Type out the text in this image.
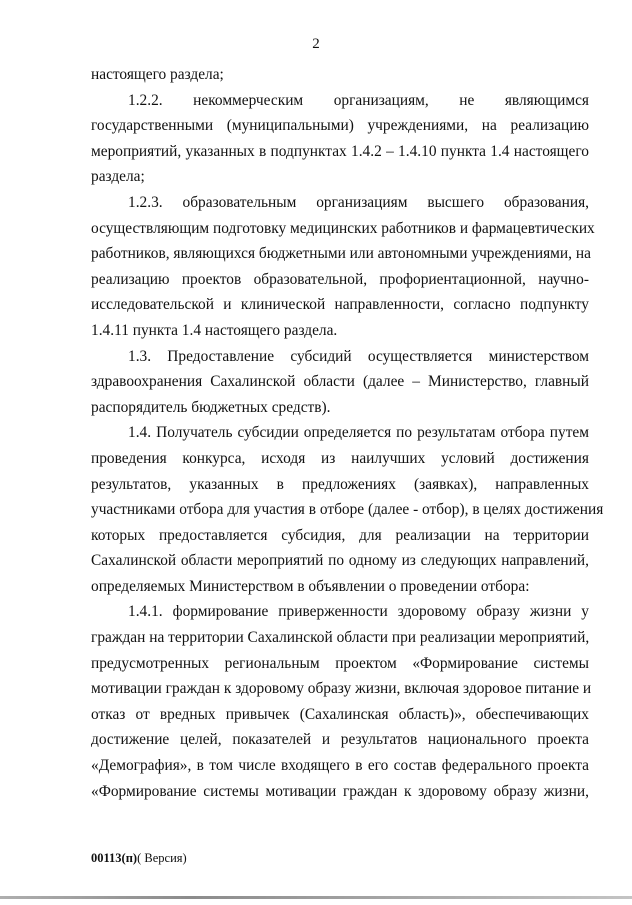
2
настоящего раздела;
1.2.2. некоммерческим организациям, не являющимся
государственными (муниципальными) учреждениями, на реализацию
мероприятий, указанных в подпунктах 1.4.2 – 1.4.10 пункта 1.4 настоящего
раздела;
1.2.3. образовательным организациям высшего образования,
осуществляющим подготовку медицинских работников и фармацевтических
работников, являющихся бюджетными или автономными учреждениями, на
реализацию проектов образовательной, профориентационной, научно-
исследовательской и клинической направленности, согласно подпункту
1.4.11 пункта 1.4 настоящего раздела.
1.3. Предоставление субсидий осуществляется министерством
здравоохранения Сахалинской области (далее – Министерство, главный
распорядитель бюджетных средств).
1.4. Получатель субсидии определяется по результатам отбора путем
проведения конкурса, исходя из наилучших условий достижения
результатов, указанных в предложениях (заявках), направленных
участниками отбора для участия в отборе (далее - отбор), в целях достижения
которых предоставляется субсидия, для реализации на территории
Сахалинской области мероприятий по одному из следующих направлений,
определяемых Министерством в объявлении о проведении отбора:
1.4.1. формирование приверженности здоровому образу жизни у
граждан на территории Сахалинской области при реализации мероприятий,
предусмотренных региональным проектом «Формирование системы
мотивации граждан к здоровому образу жизни, включая здоровое питание и
отказ от вредных привычек (Сахалинская область)», обеспечивающих
достижение целей, показателей и результатов национального проекта
«Демография», в том числе входящего в его состав федерального проекта
«Формирование системы мотивации граждан к здоровому образу жизни,
00113(п)( Версия)
